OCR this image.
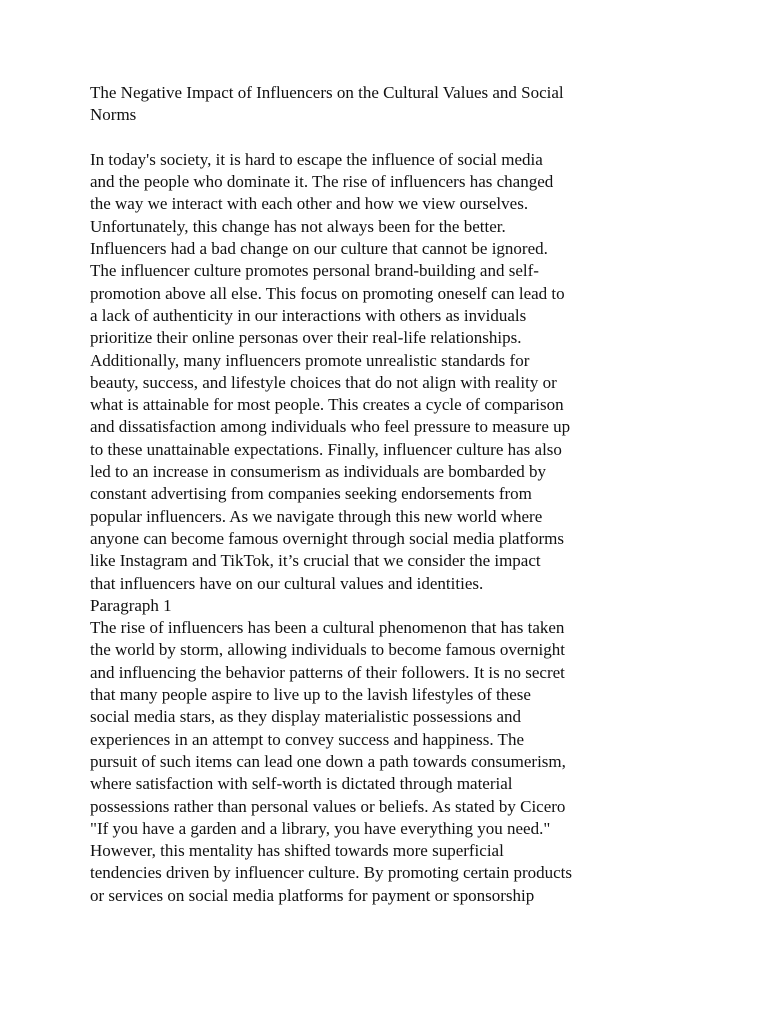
The Negative Impact of Influencers on the Cultural Values and Social
Norms
In today's society, it is hard to escape the influence of social media
and the people who dominate it. The rise of influencers has changed
the way we interact with each other and how we view ourselves.
Unfortunately, this change has not always been for the better.
Influencers had a bad change on our culture that cannot be ignored.
The influencer culture promotes personal brand-building and self-
promotion above all else. This focus on promoting oneself can lead to
a lack of authenticity in our interactions with others as inviduals
prioritize their online personas over their real-life relationships.
Additionally, many influencers promote unrealistic standards for
beauty, success, and lifestyle choices that do not align with reality or
what is attainable for most people. This creates a cycle of comparison
and dissatisfaction among individuals who feel pressure to measure up
to these unattainable expectations. Finally, influencer culture has also
led to an increase in consumerism as individuals are bombarded by
constant advertising from companies seeking endorsements from
popular influencers. As we navigate through this new world where
anyone can become famous overnight through social media platforms
like Instagram and TikTok, it’s crucial that we consider the impact
that influencers have on our cultural values and identities.
Paragraph 1
The rise of influencers has been a cultural phenomenon that has taken
the world by storm, allowing individuals to become famous overnight
and influencing the behavior patterns of their followers. It is no secret
that many people aspire to live up to the lavish lifestyles of these
social media stars, as they display materialistic possessions and
experiences in an attempt to convey success and happiness. The
pursuit of such items can lead one down a path towards consumerism,
where satisfaction with self-worth is dictated through material
possessions rather than personal values or beliefs. As stated by Cicero
"If you have a garden and a library, you have everything you need."
However, this mentality has shifted towards more superficial
tendencies driven by influencer culture. By promoting certain products
or services on social media platforms for payment or sponsorship
